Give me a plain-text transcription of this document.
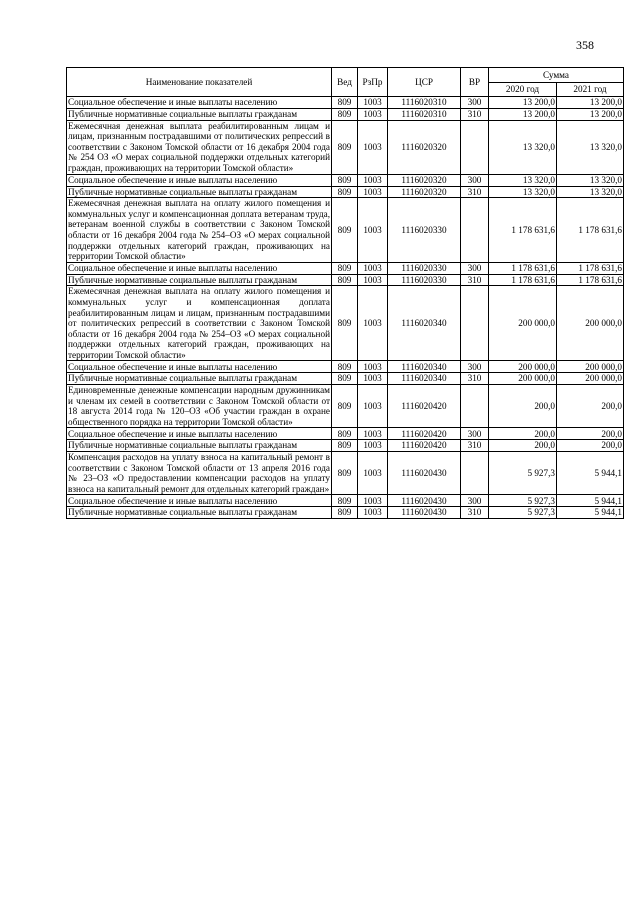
358
Наименование показателей	Вед	РзПр	ЦСР	ВР	Сумма	
					2020 год	2021 год
Социальное обеспечение и иные выплаты населению	809	1003	1116020310	300	13 200,0	13 200,0
Публичные нормативные социальные выплаты гражданам	809	1003	1116020310	310	13 200,0	13 200,0
Ежемесячная денежная выплата реабилитированным лицам и лицам, признанным пострадавшими от политических репрессий в соответствии с Законом Томской области от 16 декабря 2004 года № 254 ОЗ «О мерах социальной поддержки отдельных категорий граждан, проживающих на территории Томской области»	809	1003	1116020320		13 320,0	13 320,0
Социальное обеспечение и иные выплаты населению	809	1003	1116020320	300	13 320,0	13 320,0
Публичные нормативные социальные выплаты гражданам	809	1003	1116020320	310	13 320,0	13 320,0
Ежемесячная денежная выплата на оплату жилого помещения и коммунальных услуг и компенсационная доплата ветеранам труда, ветеранам военной службы в соответствии с Законом Томской области от 16 декабря 2004 года № 254–ОЗ «О мерах социальной поддержки отдельных категорий граждан, проживающих на территории Томской области»	809	1003	1116020330		1 178 631,6	1 178 631,6
Социальное обеспечение и иные выплаты населению	809	1003	1116020330	300	1 178 631,6	1 178 631,6
Публичные нормативные социальные выплаты гражданам	809	1003	1116020330	310	1 178 631,6	1 178 631,6
Ежемесячная денежная выплата на оплату жилого помещения и коммунальных услуг и компенсационная доплата реабилитированным лицам и лицам, признанным пострадавшими от политических репрессий в соответствии с Законом Томской области от 16 декабря 2004 года № 254–ОЗ «О мерах социальной поддержки отдельных категорий граждан, проживающих на территории Томской области»	809	1003	1116020340		200 000,0	200 000,0
Социальное обеспечение и иные выплаты населению	809	1003	1116020340	300	200 000,0	200 000,0
Публичные нормативные социальные выплаты гражданам	809	1003	1116020340	310	200 000,0	200 000,0
Единовременные денежные компенсации народным дружинникам и членам их семей в соответствии с Законом Томской области от 18 августа 2014 года № 120–ОЗ «Об участии граждан в охране общественного порядка на территории Томской области»	809	1003	1116020420		200,0	200,0
Социальное обеспечение и иные выплаты населению	809	1003	1116020420	300	200,0	200,0
Публичные нормативные социальные выплаты гражданам	809	1003	1116020420	310	200,0	200,0
Компенсация расходов на уплату взноса на капитальный ремонт в соответствии с Законом Томской области от 13 апреля 2016 года № 23–ОЗ «О предоставлении компенсации расходов на уплату взноса на капитальный ремонт для отдельных категорий граждан»	809	1003	1116020430		5 927,3	5 944,1
Социальное обеспечение и иные выплаты населению	809	1003	1116020430	300	5 927,3	5 944,1
Публичные нормативные социальные выплаты гражданам	809	1003	1116020430	310	5 927,3	5 944,1
